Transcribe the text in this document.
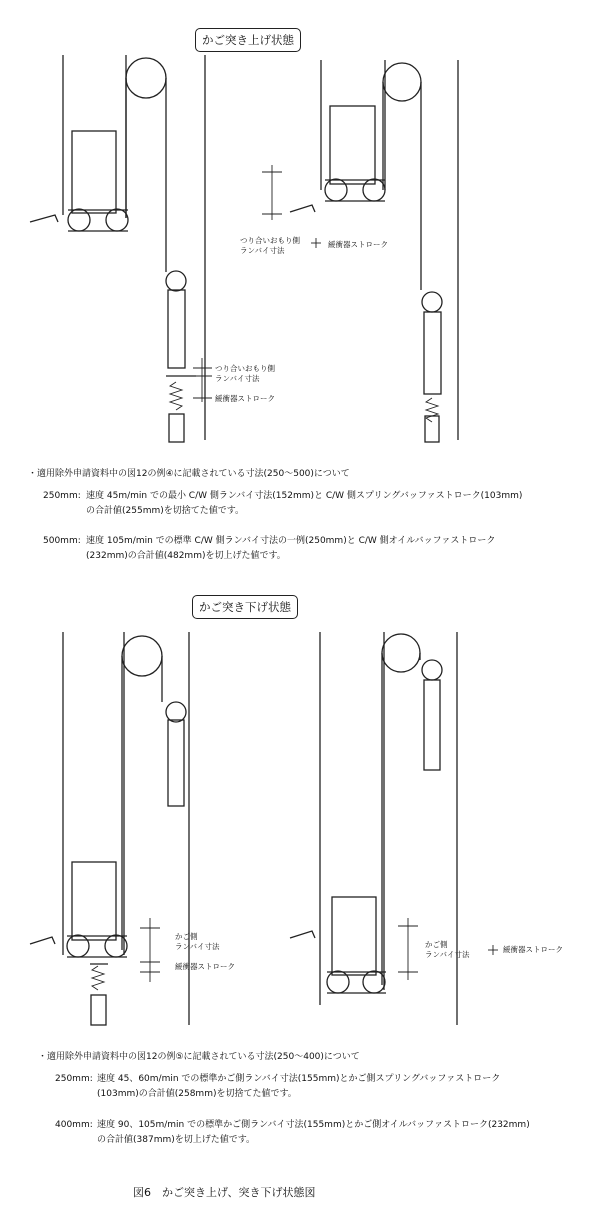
かご突き上げ状態
つり合いおもり側
ランバイ寸法
緩衝器ストローク
つり合いおもり側
ランバイ寸法
緩衝器ストローク
・適用除外申請資料中の図12の例④に記載されている寸法(250～500)について
250mm: 速度 45m/min での最小 C/W 側ランバイ寸法(152mm)と C/W 側スプリングバッファストローク(103mm)の合計値(255mm)を切捨てた値です。
500mm: 速度 105m/min での標準 C/W 側ランバイ寸法の一例(250mm)と C/W 側オイルバッファストローク(232mm)の合計値(482mm)を切上げた値です。
かご突き下げ状態
かご側
ランバイ寸法
緩衝器ストローク
かご側
ランバイ寸法
緩衝器ストローク
・適用除外申請資料中の図12の例⑤に記載されている寸法(250～400)について
250mm: 速度 45、60m/min での標準かご側ランバイ寸法(155mm)とかご側スプリングバッファストローク(103mm)の合計値(258mm)を切捨てた値です。
400mm: 速度 90、105m/min での標準かご側ランバイ寸法(155mm)とかご側オイルバッファストローク(232mm)の合計値(387mm)を切上げた値です。
図6　かご突き上げ、突き下げ状態図
